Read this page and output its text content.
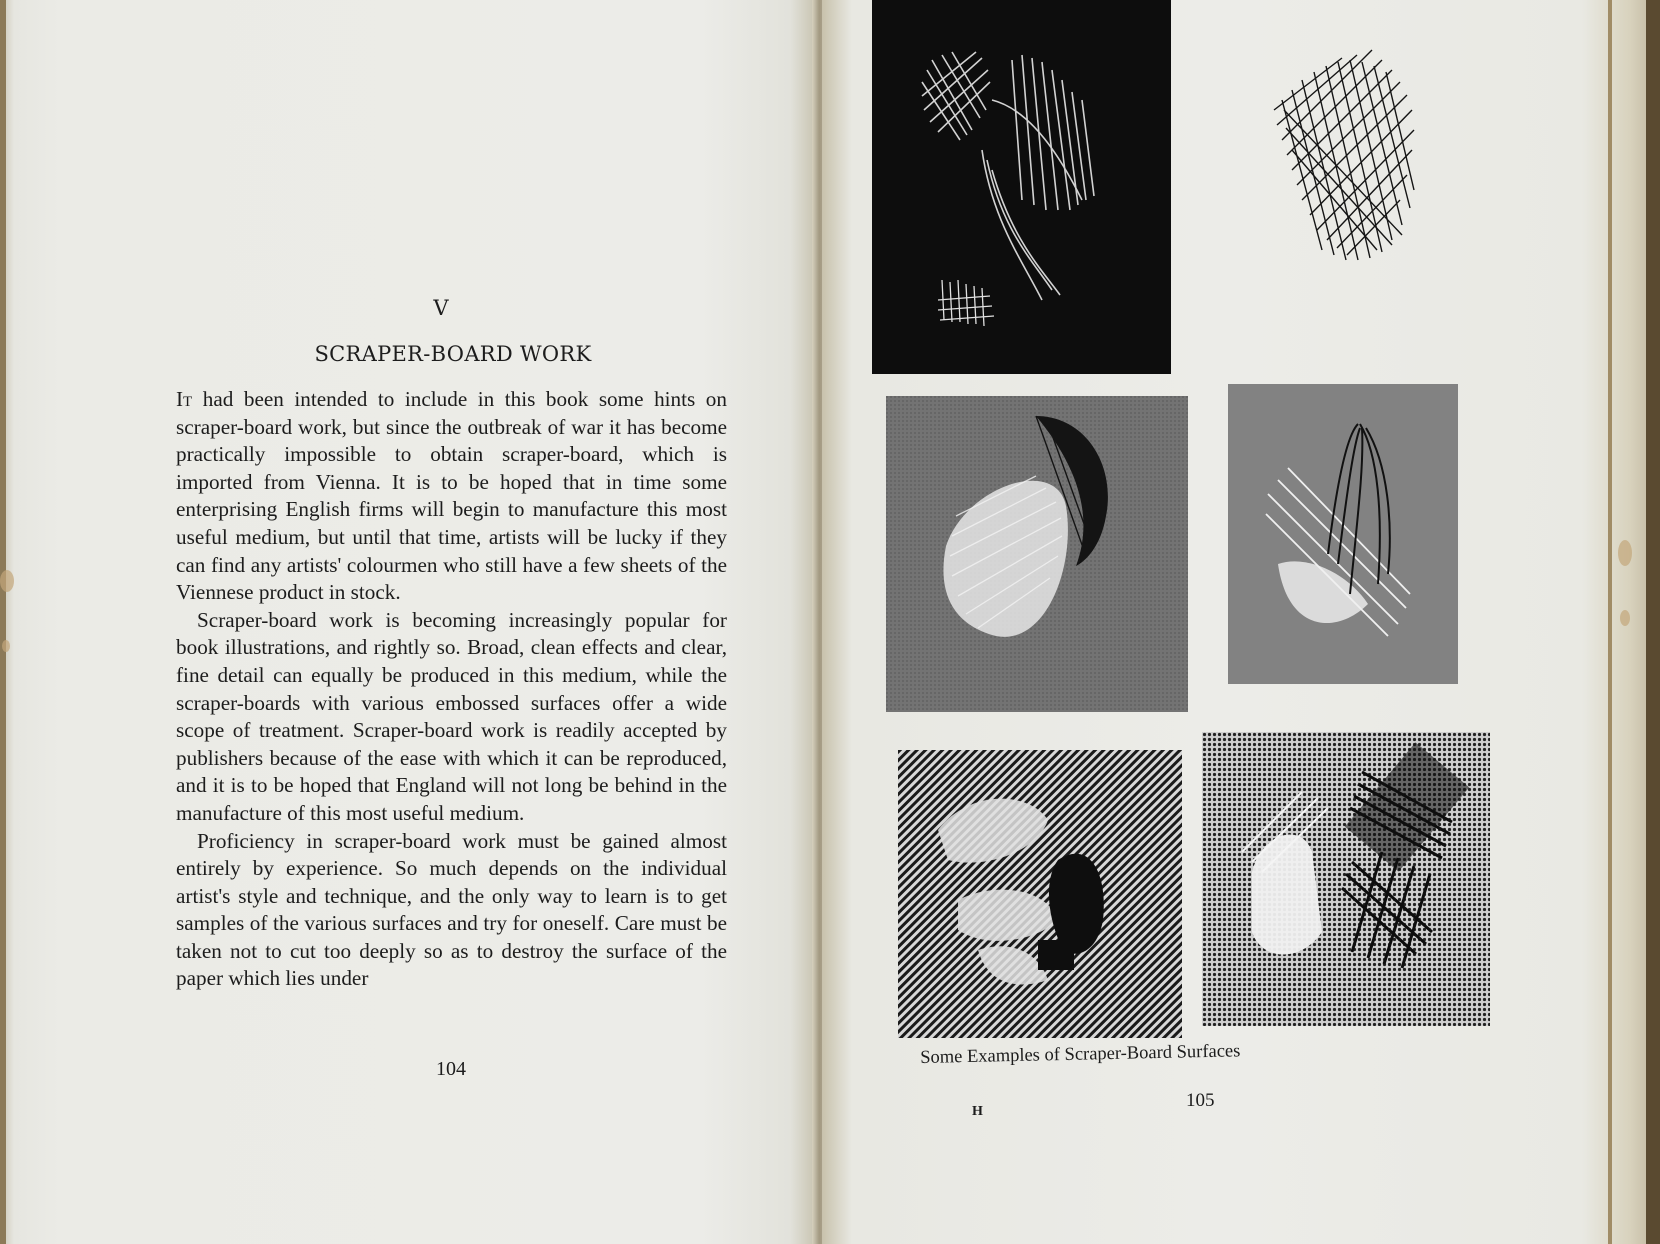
V
SCRAPER-BOARD WORK

It had been intended to include in this book some hints on scraper-board work, but since the outbreak of war it has become practically impossible to obtain scraper-board, which is imported from Vienna. It is to be hoped that in time some enterprising English firms will begin to manufacture this most useful medium, but until that time, artists will be lucky if they can find any artists' colourmen who still have a few sheets of the Viennese product in stock.

Scraper-board work is becoming increasingly popular for book illustrations, and rightly so. Broad, clean effects and clear, fine detail can equally be produced in this medium, while the scraper-boards with various embossed surfaces offer a wide scope of treatment. Scraper-board work is readily accepted by publishers because of the ease with which it can be reproduced, and it is to be hoped that England will not long be behind in the manufacture of this most useful medium.

Proficiency in scraper-board work must be gained almost entirely by experience. So much depends on the individual artist's style and technique, and the only way to learn is to get samples of the various surfaces and try for oneself. Care must be taken not to cut too deeply so as to destroy the surface of the paper which lies under

104
Some Examples of Scraper-Board Surfaces
H
105
